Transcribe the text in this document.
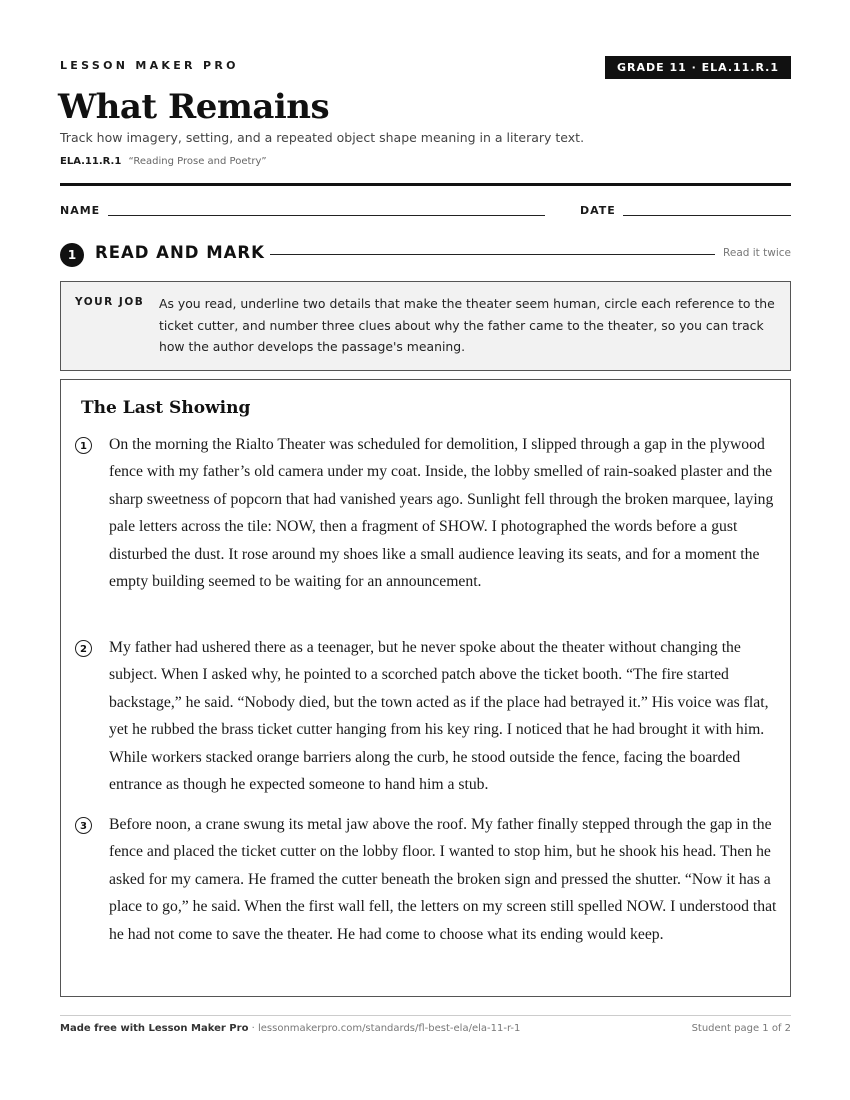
LESSON MAKER PRO	GRADE 11 · ELA.11.R.1
What Remains
Track how imagery, setting, and a repeated object shape meaning in a literary text.
ELA.11.R.1 “Reading Prose and Poetry”
NAME	DATE
1	READ AND MARK	Read it twice
YOUR JOB As you read, underline two details that make the theater seem human, circle each reference to the ticket cutter, and number three clues about why the father came to the theater, so you can track how the author develops the passage's meaning.
The Last Showing
1	On the morning the Rialto Theater was scheduled for demolition, I slipped through a gap in the plywood fence with my father’s old camera under my coat. Inside, the lobby smelled of rain-soaked plaster and the sharp sweetness of popcorn that had vanished years ago. Sunlight fell through the broken marquee, laying pale letters across the tile: NOW, then a fragment of SHOW. I photographed the words before a gust disturbed the dust. It rose around my shoes like a small audience leaving its seats, and for a moment the empty building seemed to be waiting for an announcement.
2	My father had ushered there as a teenager, but he never spoke about the theater without changing the subject. When I asked why, he pointed to a scorched patch above the ticket booth. “The fire started backstage,” he said. “Nobody died, but the town acted as if the place had betrayed it.” His voice was flat, yet he rubbed the brass ticket cutter hanging from his key ring. I noticed that he had brought it with him. While workers stacked orange barriers along the curb, he stood outside the fence, facing the boarded entrance as though he expected someone to hand him a stub.
3	Before noon, a crane swung its metal jaw above the roof. My father finally stepped through the gap in the fence and placed the ticket cutter on the lobby floor. I wanted to stop him, but he shook his head. Then he asked for my camera. He framed the cutter beneath the broken sign and pressed the shutter. “Now it has a place to go,” he said. When the first wall fell, the letters on my screen still spelled NOW. I understood that he had not come to save the theater. He had come to choose what its ending would keep.
Made free with Lesson Maker Pro · lessonmakerpro.com/standards/fl-best-ela/ela-11-r-1	Student page 1 of 2
